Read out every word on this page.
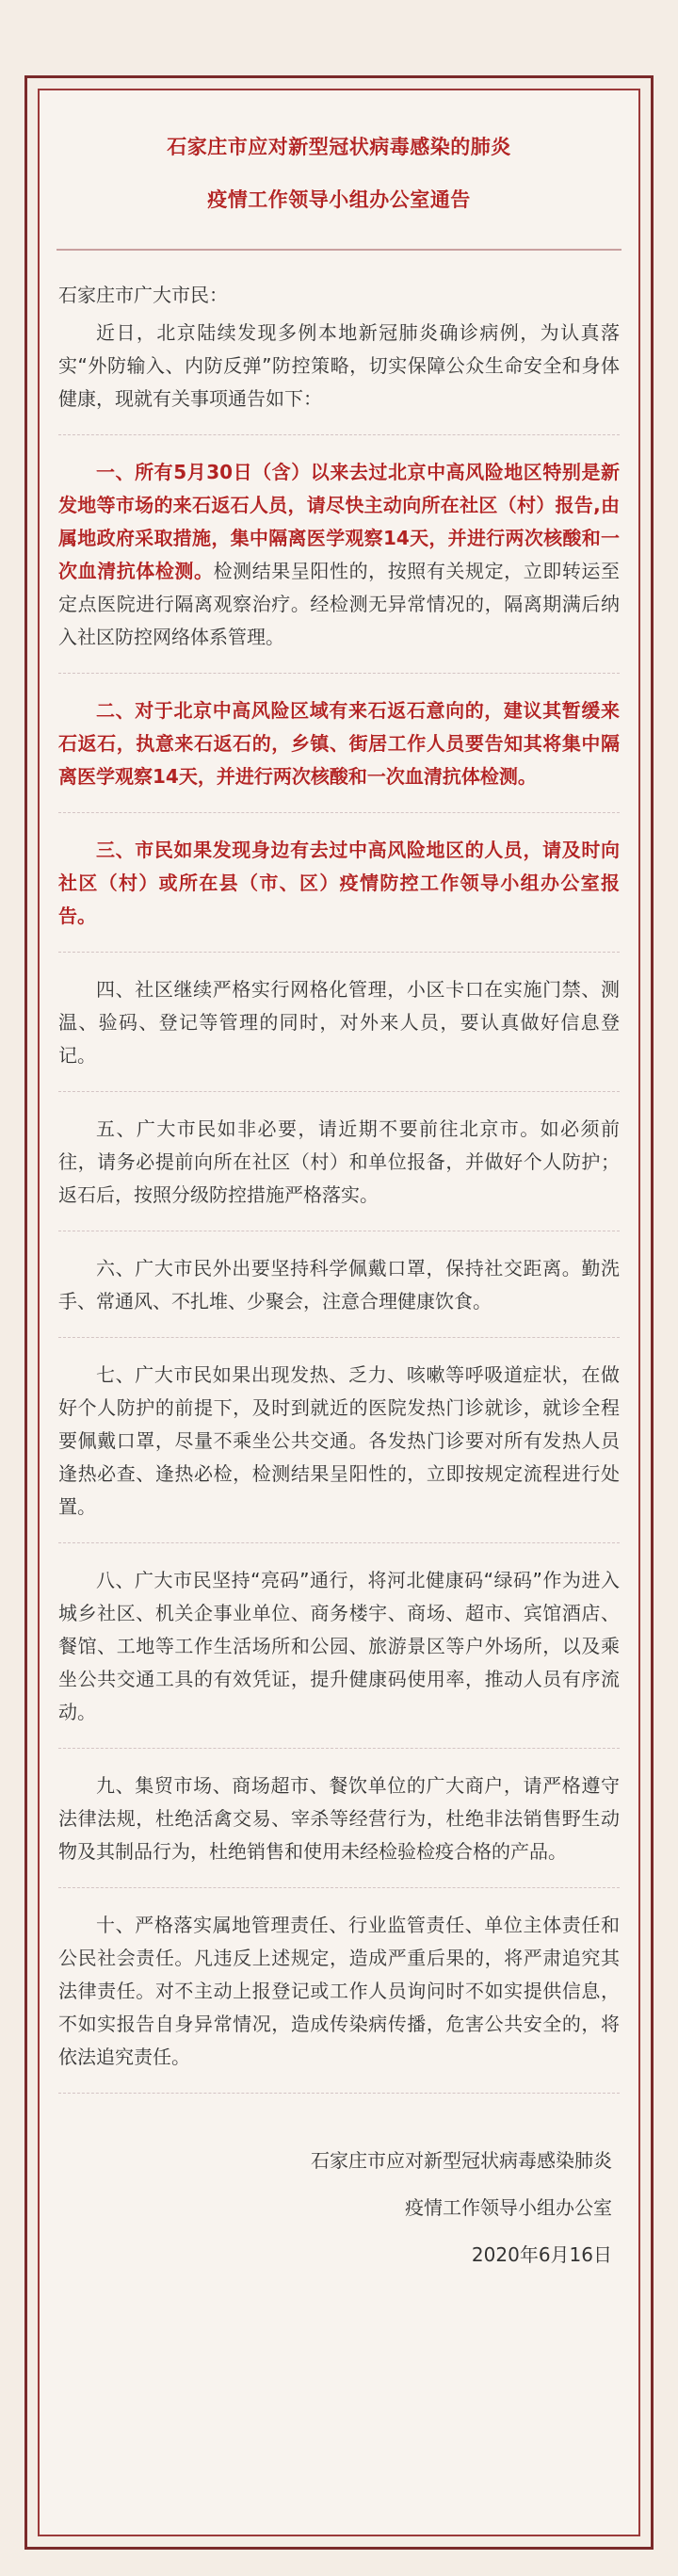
石家庄市应对新型冠状病毒感染的肺炎
疫情工作领导小组办公室通告
石家庄市广大市民：
近日，北京陆续发现多例本地新冠肺炎确诊病例，为认真落实“外防输入、内防反弹”防控策略，切实保障公众生命安全和身体健康，现就有关事项通告如下：
一、所有5月30日（含）以来去过北京中高风险地区特别是新发地等市场的来石返石人员，请尽快主动向所在社区（村）报告,由属地政府采取措施，集中隔离医学观察14天，并进行两次核酸和一次血清抗体检测。检测结果呈阳性的，按照有关规定，立即转运至定点医院进行隔离观察治疗。经检测无异常情况的，隔离期满后纳入社区防控网络体系管理。
二、对于北京中高风险区域有来石返石意向的，建议其暂缓来石返石，执意来石返石的，乡镇、街居工作人员要告知其将集中隔离医学观察14天，并进行两次核酸和一次血清抗体检测。
三、市民如果发现身边有去过中高风险地区的人员，请及时向社区（村）或所在县（市、区）疫情防控工作领导小组办公室报告。
四、社区继续严格实行网格化管理，小区卡口在实施门禁、测温、验码、登记等管理的同时，对外来人员，要认真做好信息登记。
五、广大市民如非必要，请近期不要前往北京市。如必须前往，请务必提前向所在社区（村）和单位报备，并做好个人防护；返石后，按照分级防控措施严格落实。
六、广大市民外出要坚持科学佩戴口罩，保持社交距离。勤洗手、常通风、不扎堆、少聚会，注意合理健康饮食。
七、广大市民如果出现发热、乏力、咳嗽等呼吸道症状，在做好个人防护的前提下，及时到就近的医院发热门诊就诊，就诊全程要佩戴口罩，尽量不乘坐公共交通。各发热门诊要对所有发热人员逢热必查、逢热必检，检测结果呈阳性的，立即按规定流程进行处置。
八、广大市民坚持“亮码”通行，将河北健康码“绿码”作为进入城乡社区、机关企事业单位、商务楼宇、商场、超市、宾馆酒店、餐馆、工地等工作生活场所和公园、旅游景区等户外场所，以及乘坐公共交通工具的有效凭证，提升健康码使用率，推动人员有序流动。
九、集贸市场、商场超市、餐饮单位的广大商户，请严格遵守法律法规，杜绝活禽交易、宰杀等经营行为，杜绝非法销售野生动物及其制品行为，杜绝销售和使用未经检验检疫合格的产品。
十、严格落实属地管理责任、行业监管责任、单位主体责任和公民社会责任。凡违反上述规定，造成严重后果的，将严肃追究其法律责任。对不主动上报登记或工作人员询问时不如实提供信息，不如实报告自身异常情况，造成传染病传播，危害公共安全的，将依法追究责任。
石家庄市应对新型冠状病毒感染肺炎
疫情工作领导小组办公室
2020年6月16日
